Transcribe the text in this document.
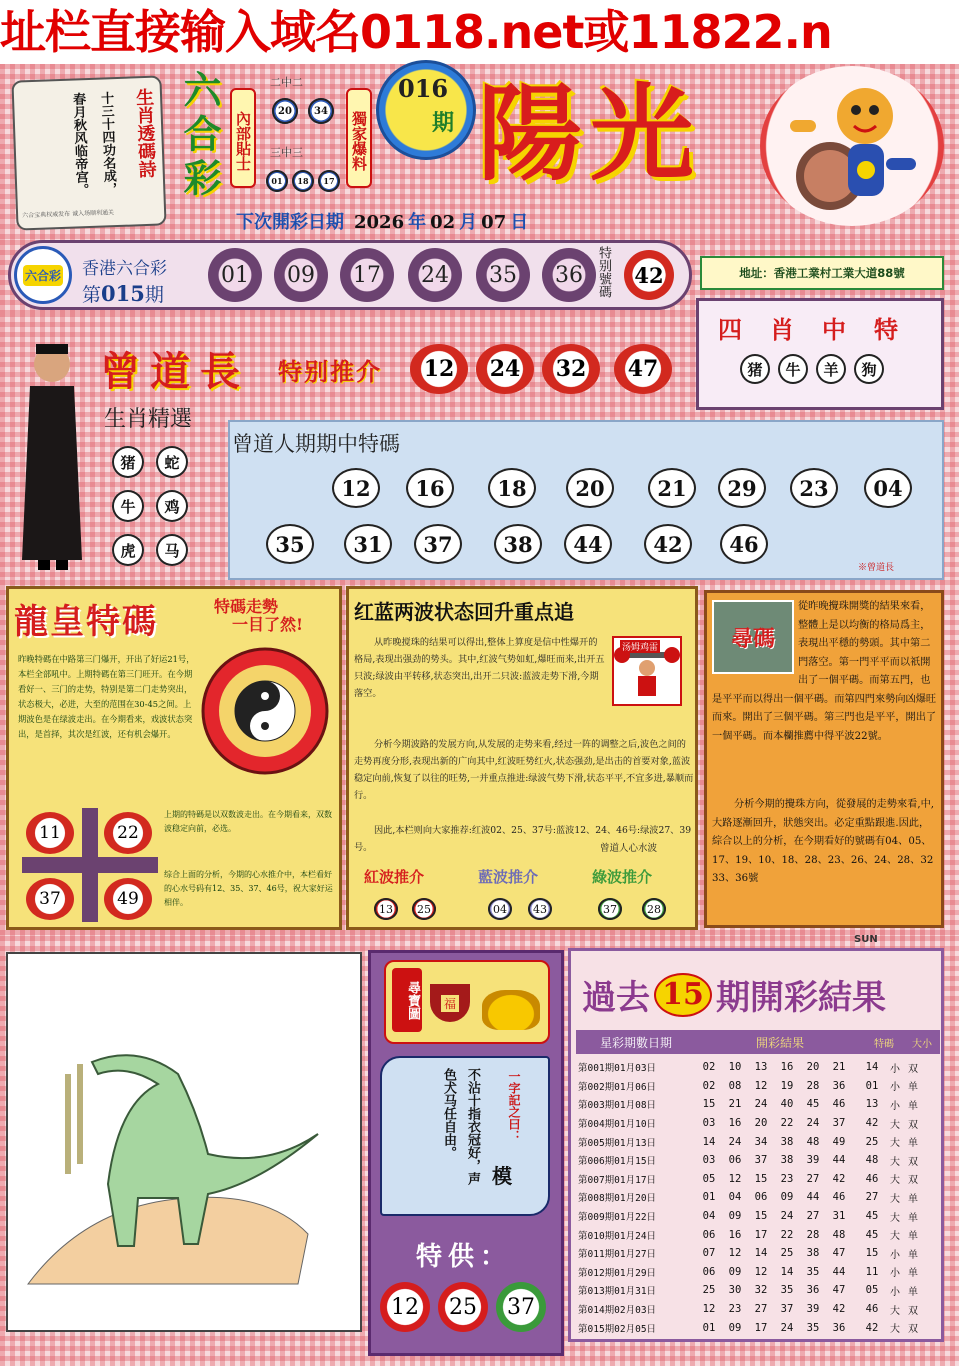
址栏直接输入域名0118.net或11822.n
生肖透碼詩
十三十四功名成，
春月秋风临帝宫。
六合宝典权威发布 诚入场顺利通关
六合彩 內部貼士
二中二
20	34
三中三
01	18	17
獨家爆料
016
期 陽光
下次開彩日期 2026 年 02 月 07 日
六合彩 香港六合彩
第015期
01	09	17	24	35	36	特别號碼	42	地址：香港工業村工業大道88號
曾道長 特别推介	12	24	32	47
四肖中特
猪	牛	羊	狗
生肖精選
猪	蛇
牛	鸡
虎	马
曾道人期期中特碼
12	16	18	20	21	29	23	04
35	31	37	38	44	42	46
※曾道長
龍皇特碼	特碼走勢
一目了然!
昨晚特碼在中路第三门爆开，开出了好运21号，本栏全部吼中。上期特碼在第三门旺开。在今期看好一、三门的走势，特别是第二门走势突出，状态极大，必进，大至的范围在30-45之间。上期波色是在绿波走出。在今期看来，戏波状态突出，是首择，其次是红波，还有机会爆开。
上期的特碼是以双数波走出。在今期看来，双数波稳定向前，必选。
综合上面的分析，今期的心水推介中，本栏看好的心水号码有12、35、37、46号，祝大家好运相伴。
11	22
37	49
红蓝两波状态回升重点追
汤姆鸡雷
从昨晚搅珠的结果可以得出,整体上算度是信中性爆开的格局,表现出强劲的势头。其中,红波气势如虹,爆旺而来,出开五只波;绿波由平转移,状态突出,出开二只波:蓝波走势下滑,今期落空。
分析今期波路的发展方向,从发展的走势来看,经过一阵的调整之后,波色之间的走势再度分形,表现出新的广向其中,红波旺势红火,状态强劲,是出击的首要对象,蓝波稳定向前,恢复了以往的旺势,一并重点推进:绿波气势下滑,状态平平,不宜多进,暴顺而行。
因此,本栏则向大家推荐:红波02、25、37号:蓝波12、24、46号:绿波27、39号。	曾道人心水波
紅波推介	藍波推介	綠波推介
13	25	04	43	37	28
尋碼
從昨晚攪珠開獎的結果來看，整體上是以均衡的格局爲主，表現出平穩的勢頭。其中第二門落空。第一門平平而以祇開出了一個平碼。而第五門，也是平平而以得出一個平碼。而第四門來勢向凶爆旺而來。開出了三個平碼。第三門也是平平，開出了一個平碼。而本欄推薦中得平波22號。
分析今期的攪珠方向，從發展的走勢來看,中,大路逐漸回升，狀態突出。必定重點跟進.因此，綜合以上的分析，在今期看好的號碼有04、05、17、19、10、18、28、23、26、24、28、32 33、36號
尋寶圖 福
不沾十指衣冠好，声色犬马任自由。	一字記之曰：
模
特供：
12	25	37
SUN
過去 15 期開彩結果
星彩期數日期	開彩結果	特碼	大小
第001期01月03日	02	10	13	16	20	21	14	小	双
第002期01月06日	02	08	12	19	28	36	01	小	单
第003期01月08日	15	21	24	40	45	46	13	小	单
第004期01月10日	03	16	20	22	24	37	42	大	双
第005期01月13日	14	24	34	38	48	49	25	大	单
第006期01月15日	03	06	37	38	39	44	48	大	双
第007期01月17日	05	12	15	23	27	42	46	大	双
第008期01月20日	01	04	06	09	44	46	27	大	单
第009期01月22日	04	09	15	24	27	31	45	大	单
第010期01月24日	06	16	17	22	28	48	45	大	单
第011期01月27日	07	12	14	25	38	47	15	小	单
第012期01月29日	06	09	12	14	35	44	11	小	单
第013期01月31日	25	30	32	35	36	47	05	小	单
第014期02月03日	12	23	27	37	39	42	46	大	双
第015期02月05日	01	09	17	24	35	36	42	大	双
